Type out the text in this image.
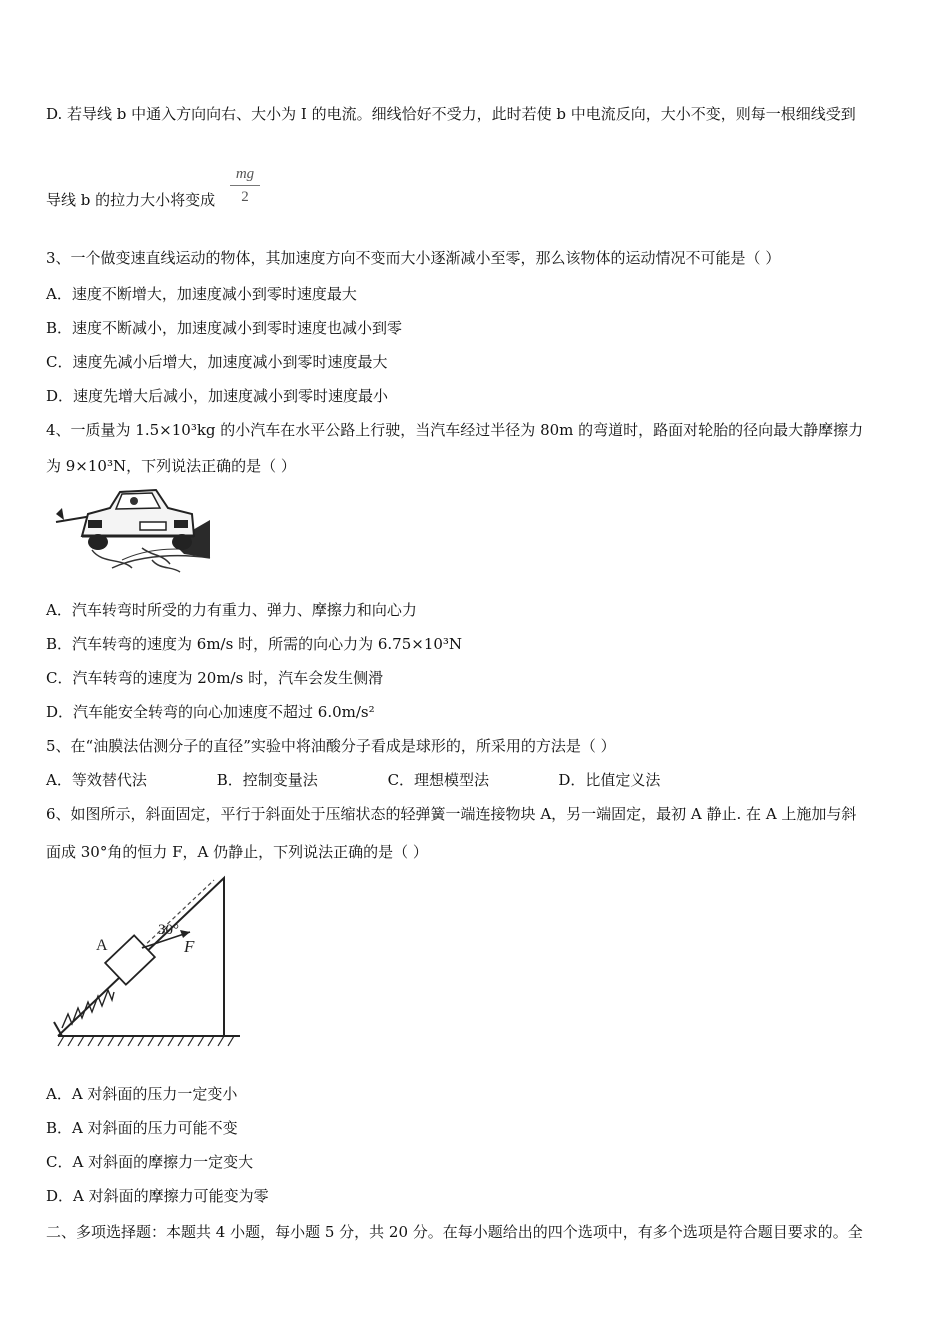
D. 若导线 b 中通入方向向右、大小为 I 的电流。细线恰好不受力，此时若使 b 中电流反向，大小不变，则每一根细线受到
导线 b 的拉力大小将变成 $\frac{mg}{2}$
3、一个做变速直线运动的物体，其加速度方向不变而大小逐渐减小至零，那么该物体的运动情况不可能是（ ）
A．速度不断增大，加速度减小到零时速度最大
B．速度不断减小，加速度减小到零时速度也减小到零
C．速度先减小后增大，加速度减小到零时速度最大
D．速度先增大后减小，加速度减小到零时速度最小
4、一质量为 1.5×10³kg 的小汽车在水平公路上行驶，当汽车经过半径为 80m 的弯道时，路面对轮胎的径向最大静摩擦力
为 9×10³N，下列说法正确的是（ ）
A．汽车转弯时所受的力有重力、弹力、摩擦力和向心力
B．汽车转弯的速度为 6m/s 时，所需的向心力为 6.75×10³N
C．汽车转弯的速度为 20m/s 时，汽车会发生侧滑
D．汽车能安全转弯的向心加速度不超过 6.0m/s²
5、在“油膜法估测分子的直径”实验中将油酸分子看成是球形的，所采用的方法是（ ）
A．等效替代法	B．控制变量法	C．理想模型法	D．比值定义法
6、如图所示，斜面固定，平行于斜面处于压缩状态的轻弹簧一端连接物块 A，另一端固定，最初 A 静止. 在 A 上施加与斜
面成 30°角的恒力 F，A 仍静止，下列说法正确的是（ ）
A
30°
F
A．A 对斜面的压力一定变小
B．A 对斜面的压力可能不变
C．A 对斜面的摩擦力一定变大
D．A 对斜面的摩擦力可能变为零
二、多项选择题：本题共 4 小题，每小题 5 分，共 20 分。在每小题给出的四个选项中，有多个选项是符合题目要求的。全
